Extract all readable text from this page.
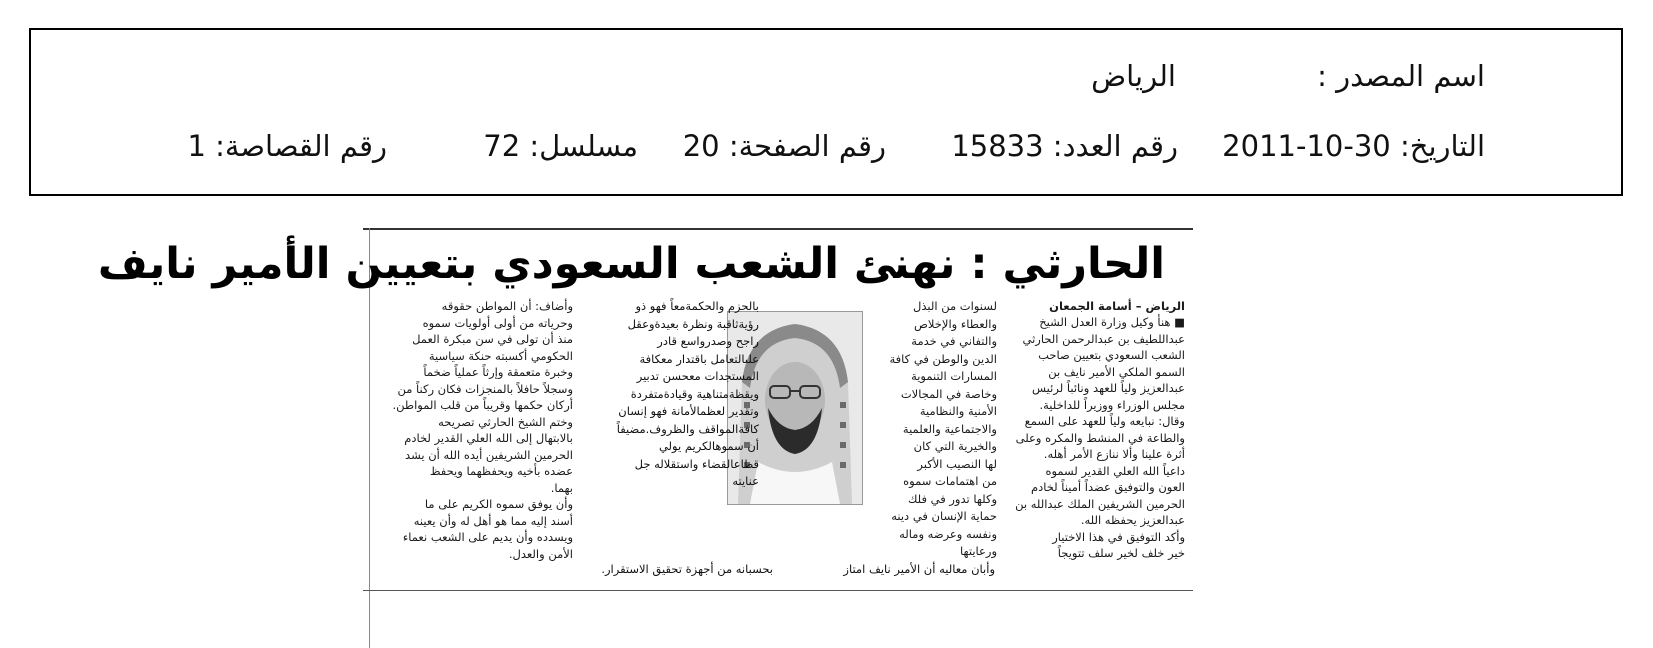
اسم المصدر :
الرياض
التاريخ: 30-10-2011
رقم العدد: 15833
رقم الصفحة: 20
مسلسل: 72
رقم القصاصة: 1
الحارثي : نهنئ الشعب السعودي بتعيين الأمير نايف
الرياض – أسامة الجمعان
■ هنأ وكيل وزارة العدل الشيخ
عبداللطيف بن عبدالرحمن الحارثي
الشعب السعودي بتعيين صاحب
السمو الملكي الأمير نايف بن
عبدالعزيز ولياً للعهد ونائباً لرئيس
مجلس الوزراء ووزيراً للداخلية.
وقال: نبايعه ولياً للعهد على السمع
والطاعة في المنشط والمكره وعلى
أثرة علينا وألا ننازع الأمر أهله.
داعياً الله العلي القدير لسموه
العون والتوفيق عضداً أميناً لخادم
الحرمين الشريفين الملك عبدالله بن
عبدالعزيز يحفظه الله.
وأكد التوفيق في هذا الاختيار
خير خلف لخير سلف تتويجاً
لسنوات من البذل
والعطاء والإخلاص
والتفاني في خدمة
الدين والوطن في كافة
المسارات التنموية
وخاصة في المجالات
الأمنية والنظامية
والاجتماعية والعلمية
والخيرية التي كان
لها النصيب الأكبر
من اهتمامات سموه
وكلها تدور في فلك
حماية الإنسان في دينه
ونفسه وعرضه وماله
ورعايتها
بالحزم والحكمةمعاً فهو ذو رؤيةثاقبة ونظرة بعيدةوعقل راجح وصدرواسع قادر علىالتعامل باقتدار معكافة المستجدات معحسن تدبير ويقظةمتناهية وقيادةمتفردة وتقدير لعظمالأمانة فهو إنسان كافةالمواقف والظروف.مضيفاً أن سموهالكريم يولي قطاعالقضاء واستقلاله جل عنايته
وأضاف: أن المواطن حقوقه
وحرياته من أولى أولويات سموه
منذ أن تولى في سن مبكرة العمل
الحكومي أكسبته حنكة سياسية
وخبرة متعمقة وإرثاً عملياً ضخماً
وسجلاً حافلاً بالمنجزات فكان ركناً من
أركان حكمها وقريباً من قلب المواطن.
وختم الشيخ الحارثي تصريحه
بالابتهال إلى الله العلي القدير لخادم
الحرمين الشريفين أيده الله أن يشد
عضده بأخيه ويحفظهما ويحفظ
بهما.
وأن يوفق سموه الكريم على ما
أسند إليه مما هو أهل له وأن يعينه
ويسدده وأن يديم على الشعب نعماء
الأمن والعدل.
وأبان معاليه أن الأمير نايف امتاز
بحسبانه من أجهزة تحقيق الاستقرار.
